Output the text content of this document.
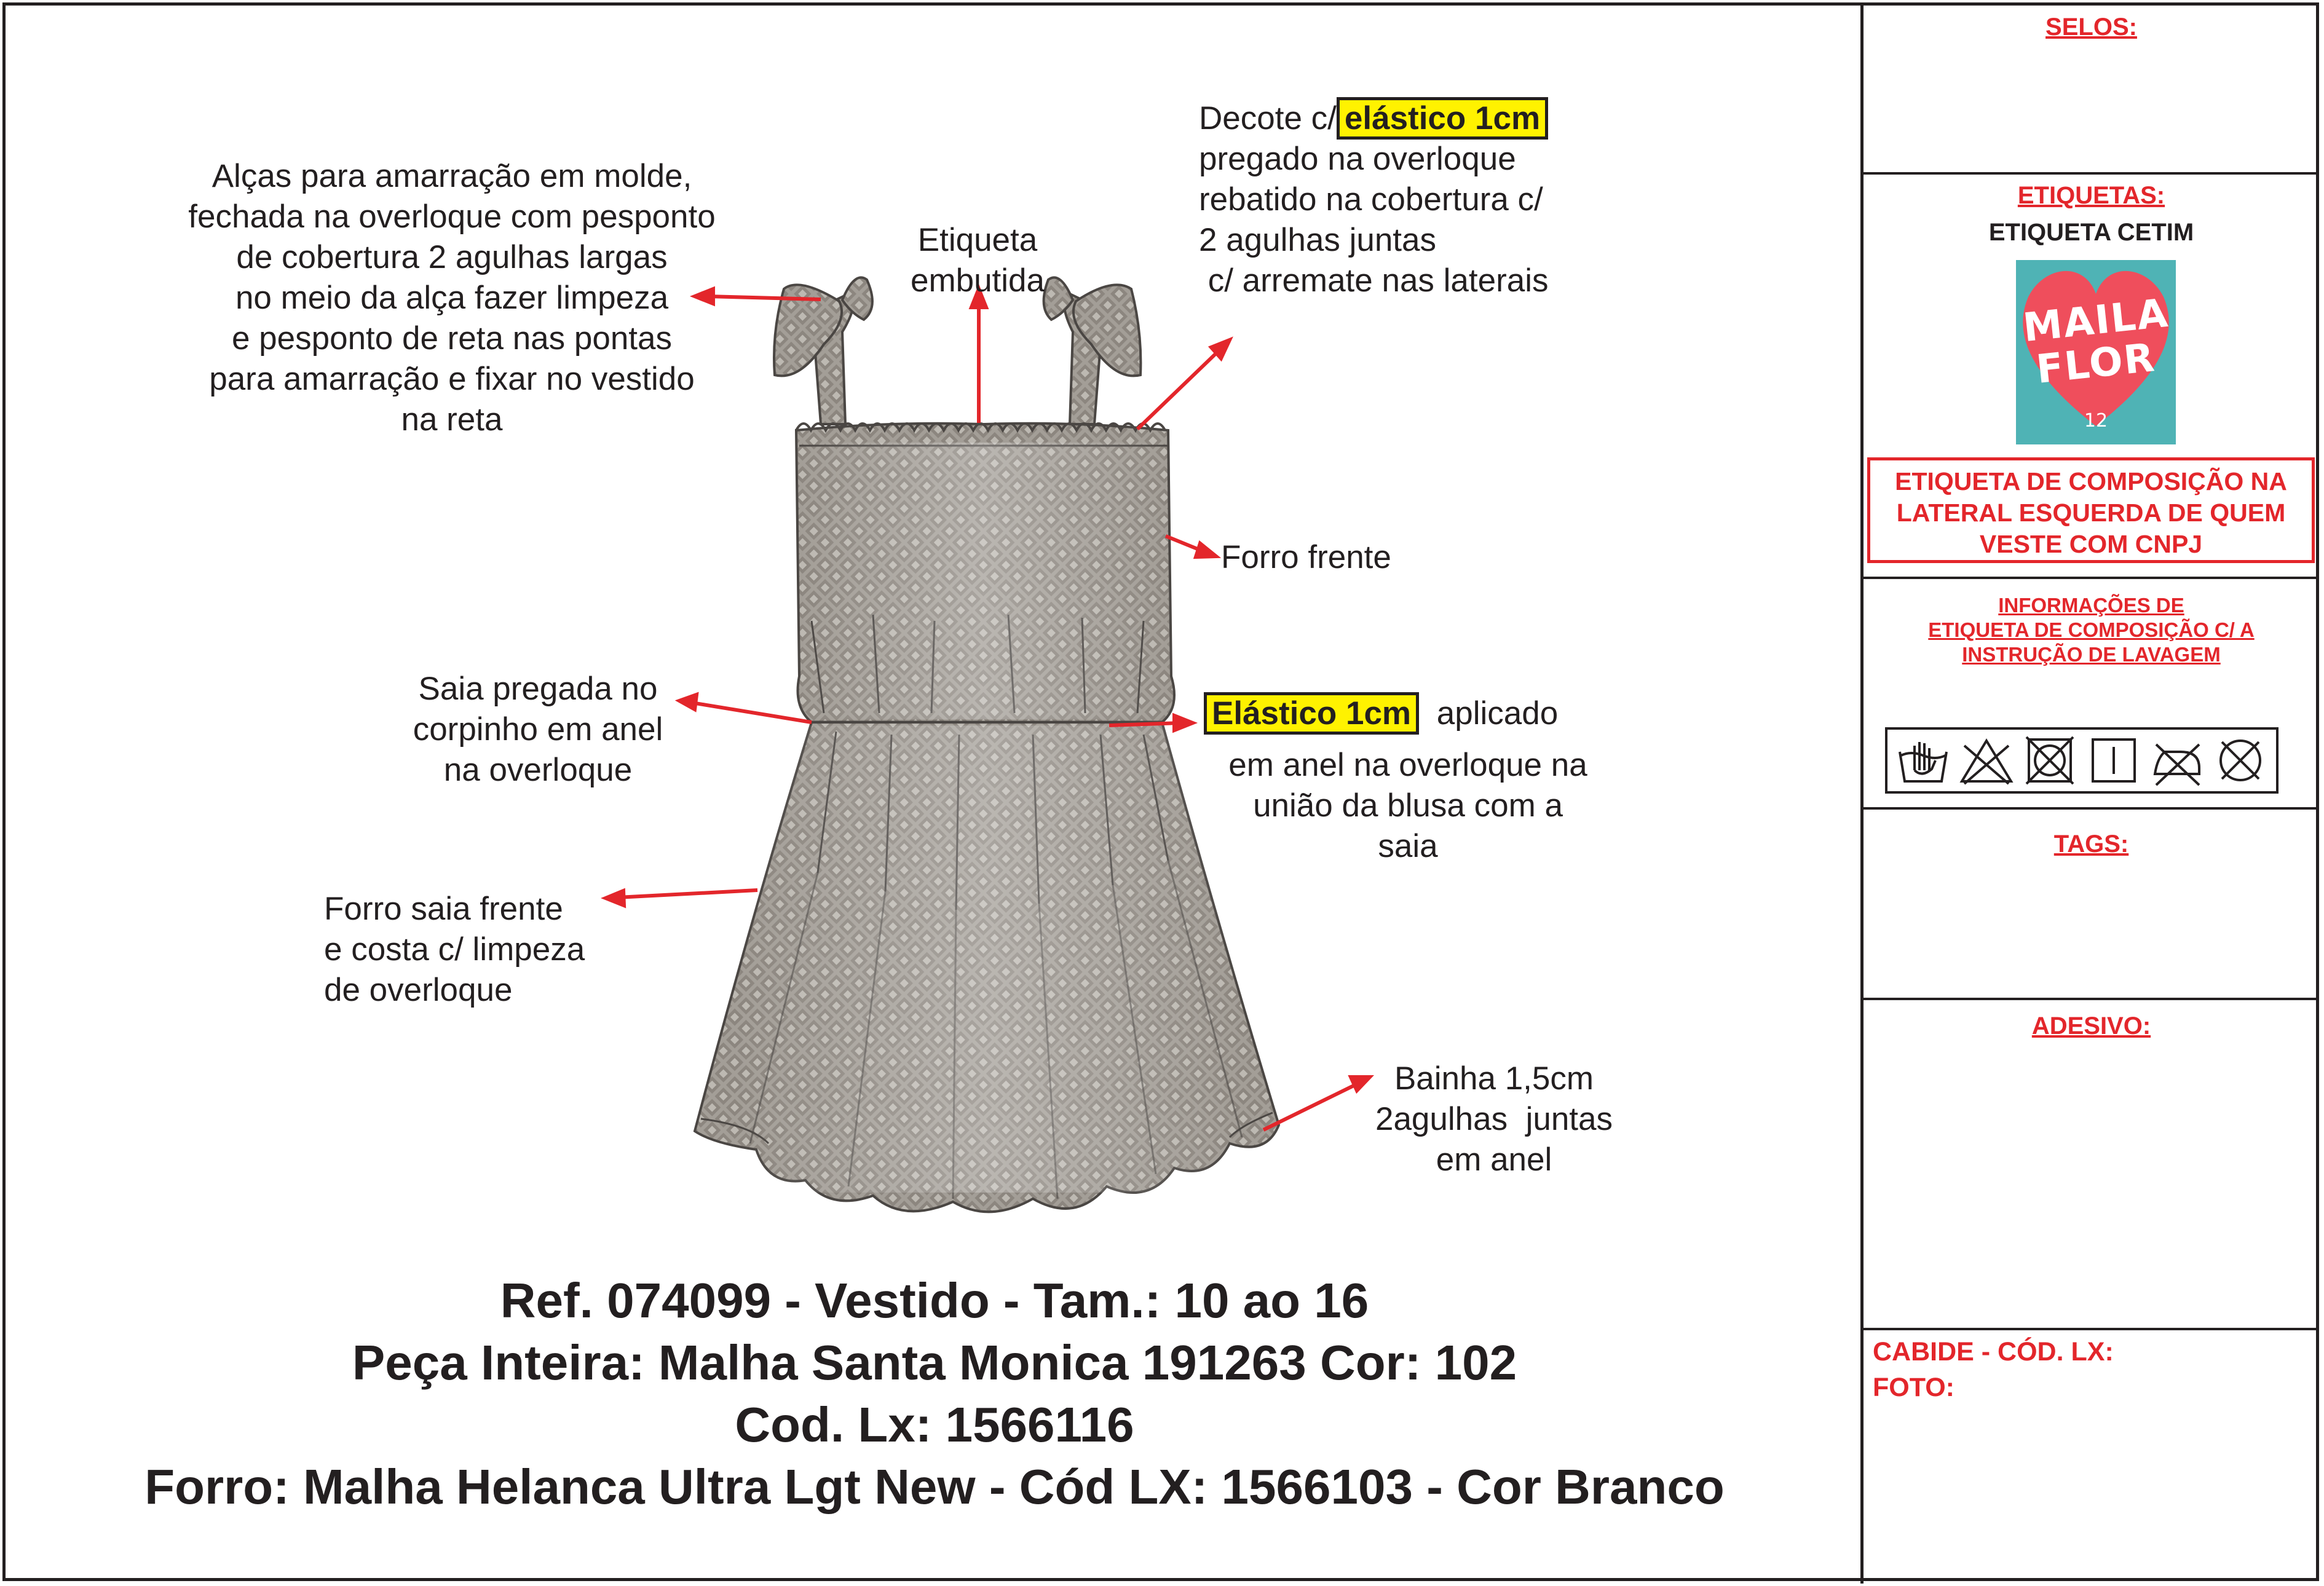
SELOS:
ETIQUETAS:
ETIQUETA CETIM
MAILA
FLOR
12
ETIQUETA DE COMPOSIÇÃO NA
LATERAL ESQUERDA DE QUEM
VESTE COM CNPJ
INFORMAÇÕES DE
ETIQUETA DE COMPOSIÇÃO C/ A
INSTRUÇÃO DE LAVAGEM
TAGS:
ADESIVO:
CABIDE - CÓD. LX:
FOTO:
Alças para amarração em molde,
fechada na overloque com pesponto
de cobertura 2 agulhas largas
no meio da alça fazer limpeza
e pesponto de reta nas pontas
para amarração e fixar no vestido
na reta
Etiqueta
embutida
Decote c/ elástico 1cm
pregado na overloque
rebatido na cobertura c/
2 agulhas juntas
c/ arremate nas laterais
Forro frente
Saia pregada no
corpinho em anel
na overloque
Elástico 1cm aplicado
em anel na overloque na
união da blusa com a
saia
Forro saia frente
e costa c/ limpeza
de overloque
Bainha 1,5cm
2agulhas  juntas
em anel
Ref. 074099 - Vestido - Tam.: 10 ao 16
Peça Inteira: Malha Santa Monica 191263 Cor: 102
Cod. Lx: 1566116
Forro: Malha Helanca Ultra Lgt New - Cód LX: 1566103 - Cor Branco
